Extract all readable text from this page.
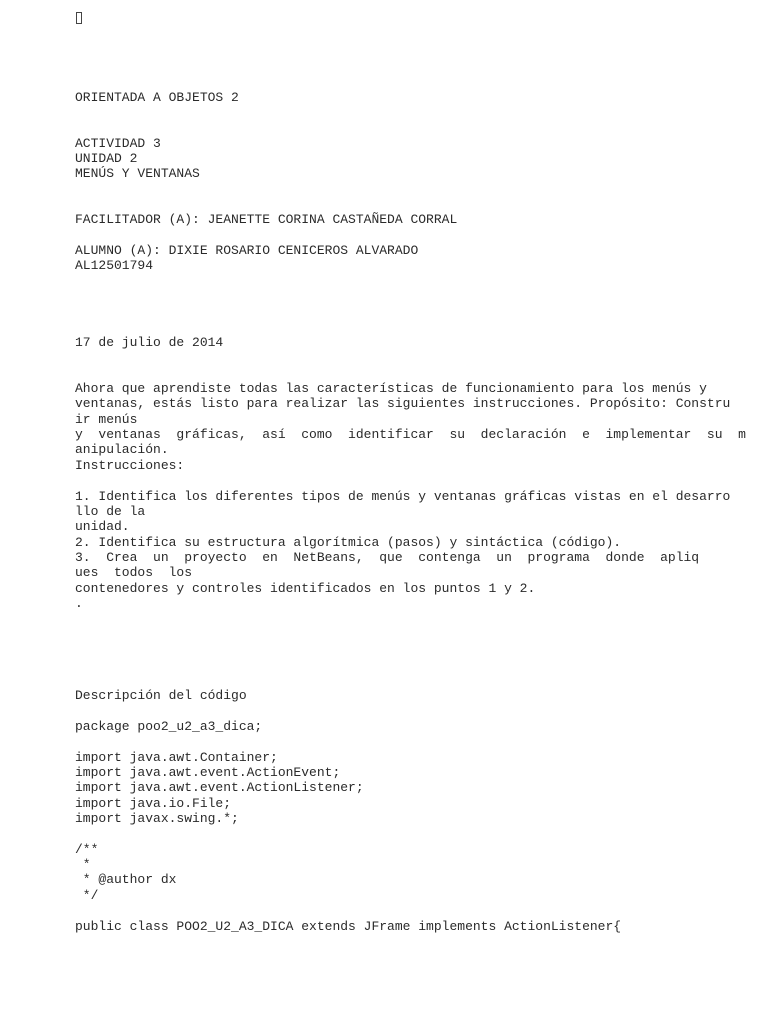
ORIENTADA A OBJETOS 2

ACTIVIDAD 3

UNIDAD 2

MENÚS Y VENTANAS

FACILITADOR (A): JEANETTE CORINA CASTAÑEDA CORRAL

ALUMNO (A): DIXIE ROSARIO CENICEROS ALVARADO

AL12501794

17 de julio de 2014

Ahora que aprendiste todas las características de funcionamiento para los menús y

ventanas, estás listo para realizar las siguientes instrucciones. Propósito: Constru

ir menús

y  ventanas  gráficas,  así  como  identificar  su  declaración  e  implementar  su  m

anipulación.

Instrucciones:

1. Identifica los diferentes tipos de menús y ventanas gráficas vistas en el desarro

llo de la

unidad.

2. Identifica su estructura algorítmica (pasos) y sintáctica (código).

3.  Crea  un  proyecto  en  NetBeans,  que  contenga  un  programa  donde  apliq

ues  todos  los

contenedores y controles identificados en los puntos 1 y 2.

.

Descripción del código

package poo2_u2_a3_dica;

import java.awt.Container;

import java.awt.event.ActionEvent;

import java.awt.event.ActionListener;

import java.io.File;

import javax.swing.*;

/**

*

* @author dx

*/

public class POO2_U2_A3_DICA extends JFrame implements ActionListener{
